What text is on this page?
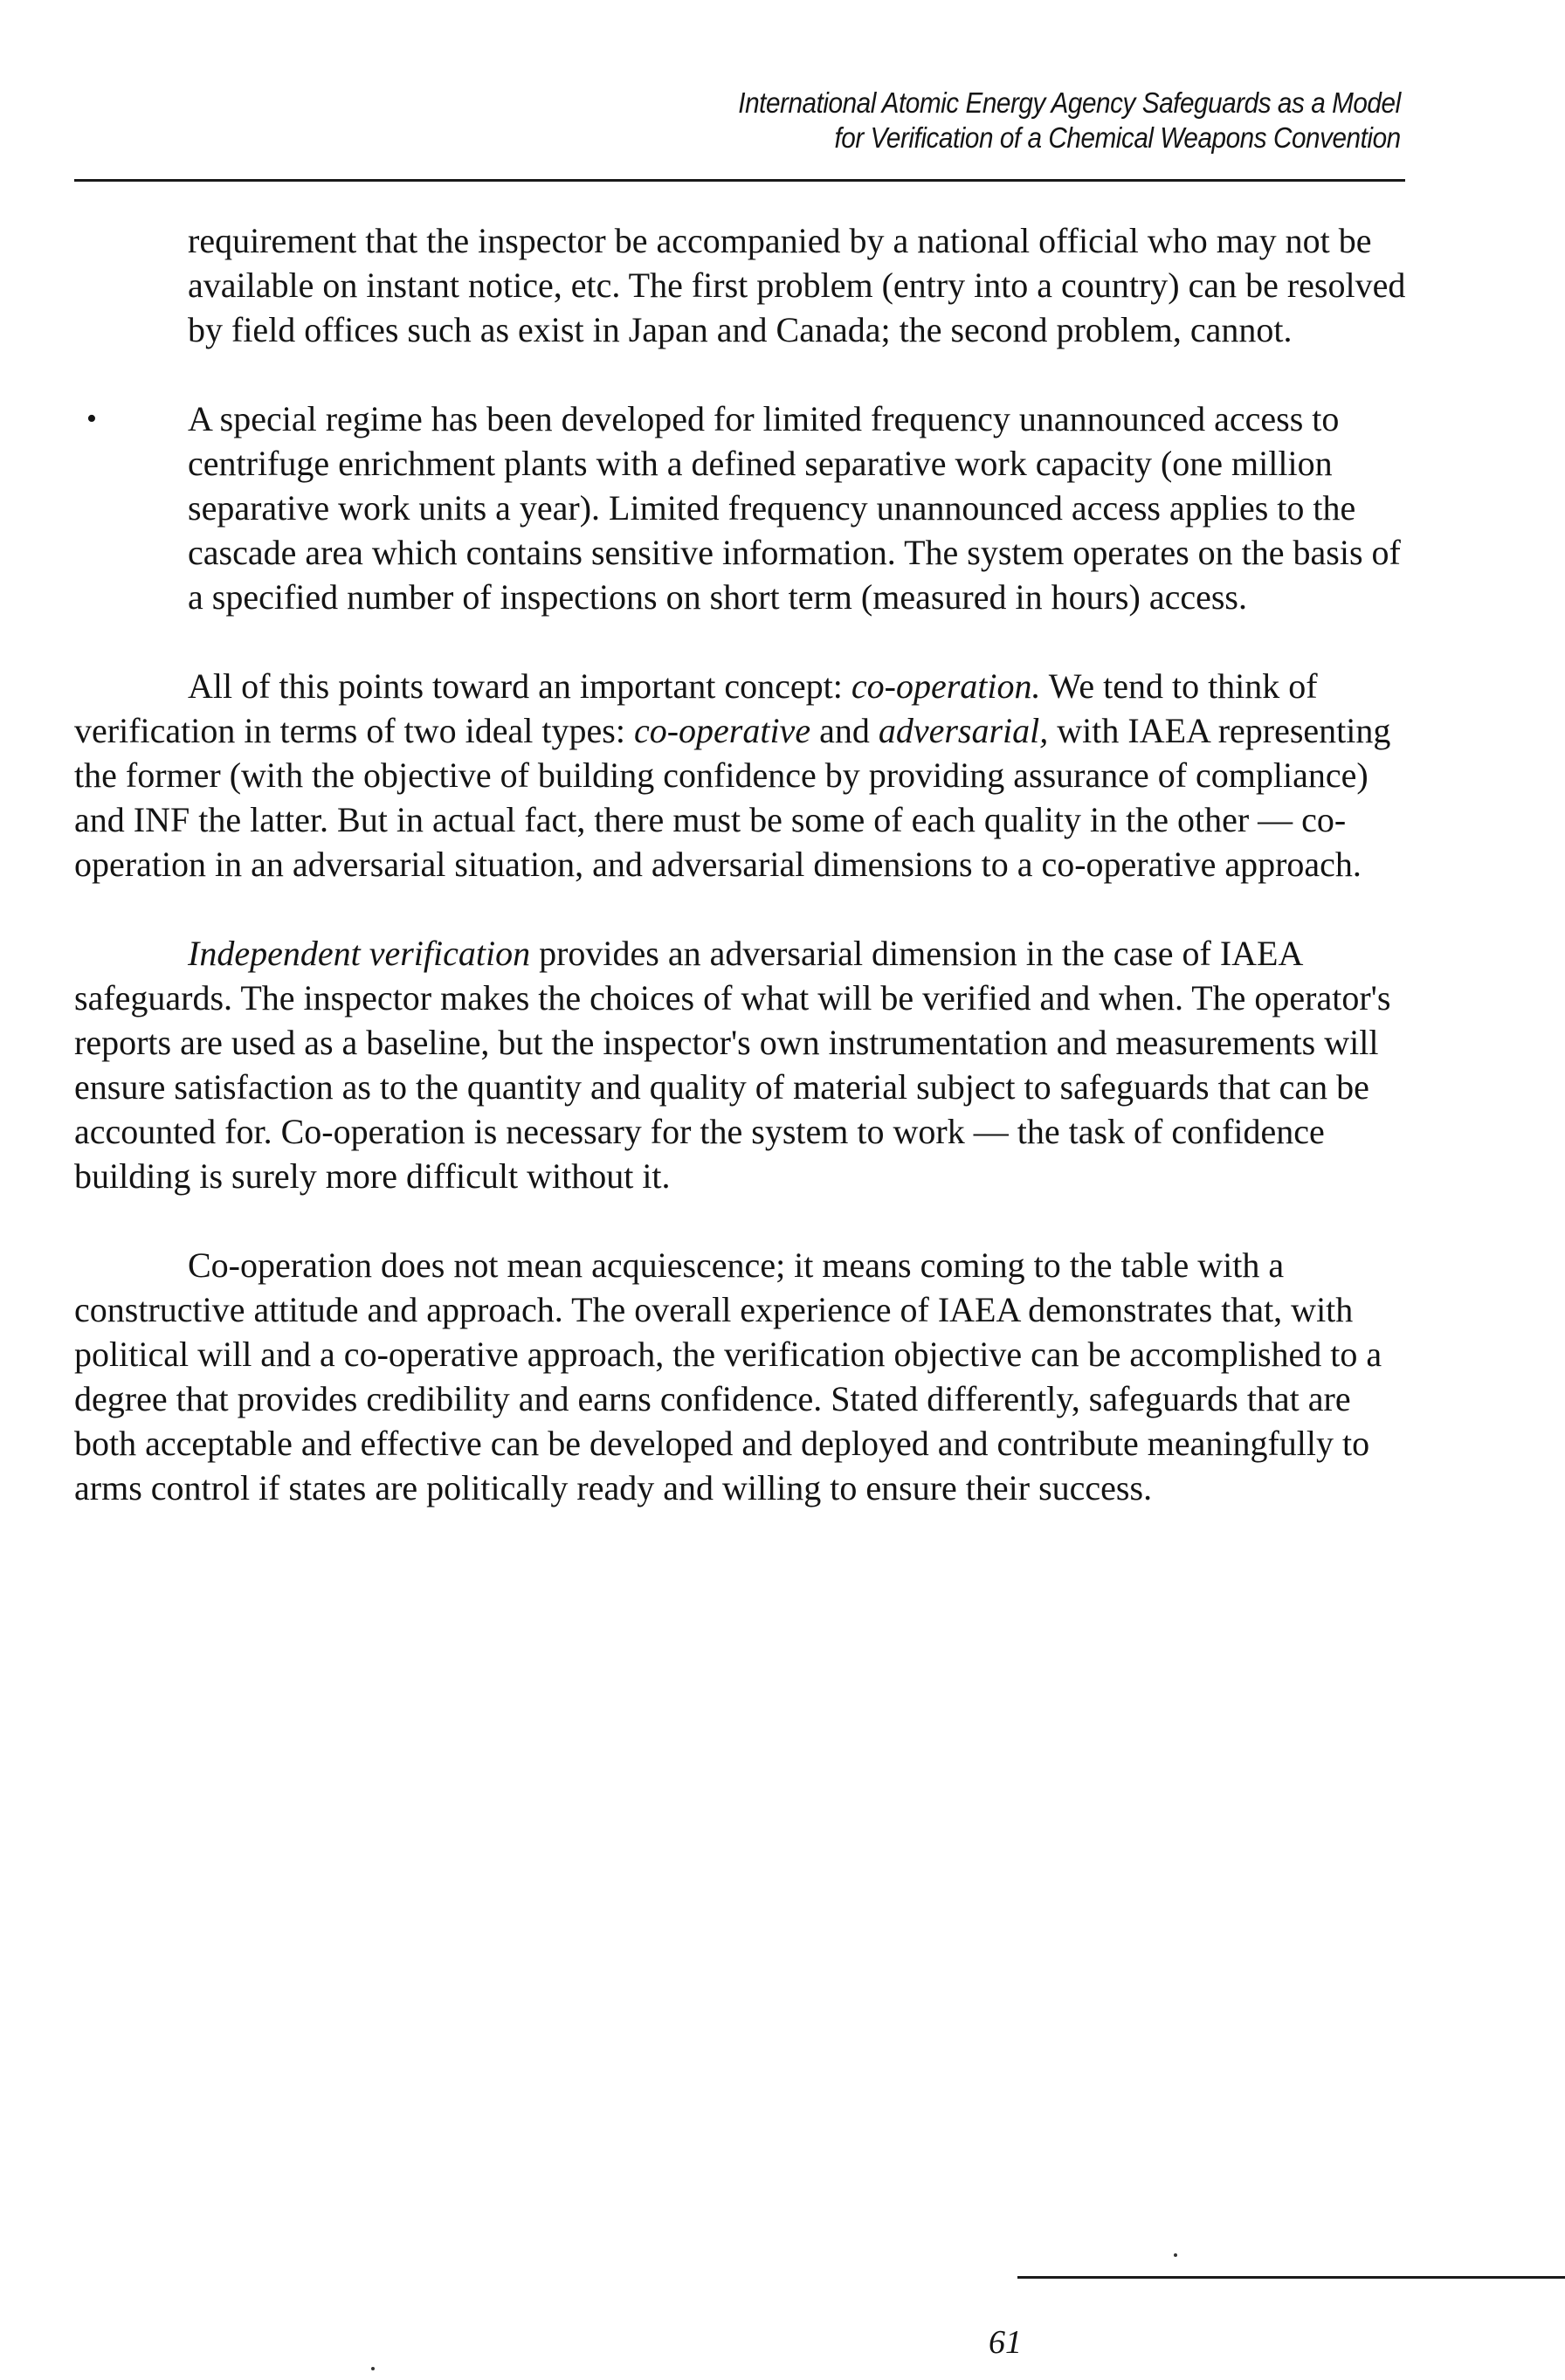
International Atomic Energy Agency Safeguards as a Model
for Verification of a Chemical Weapons Convention

requirement that the inspector be accompanied by a national official who may not be available on instant notice, etc. The first problem (entry into a country) can be resolved by field offices such as exist in Japan and Canada; the second problem, cannot.

•	A special regime has been developed for limited frequency unannounced access to centrifuge enrichment plants with a defined separative work capacity (one million separative work units a year). Limited frequency unannounced access applies to the cascade area which contains sensitive information. The system operates on the basis of a specified number of inspections on short term (measured in hours) access.

All of this points toward an important concept: co-operation. We tend to think of verification in terms of two ideal types: co-operative and adversarial, with IAEA representing the former (with the objective of building confidence by providing assurance of compliance) and INF the latter. But in actual fact, there must be some of each quality in the other — co-operation in an adversarial situation, and adversarial dimensions to a co-operative approach.

Independent verification provides an adversarial dimension in the case of IAEA safeguards. The inspector makes the choices of what will be verified and when. The operator's reports are used as a baseline, but the inspector's own instrumentation and measurements will ensure satisfaction as to the quantity and quality of material subject to safeguards that can be accounted for. Co-operation is necessary for the system to work — the task of confidence building is surely more difficult without it.

Co-operation does not mean acquiescence; it means coming to the table with a constructive attitude and approach. The overall experience of IAEA demonstrates that, with political will and a co-operative approach, the verification objective can be accomplished to a degree that provides credibility and earns confidence. Stated differently, safeguards that are both acceptable and effective can be developed and deployed and contribute meaningfully to arms control if states are politically ready and willing to ensure their success.

61
